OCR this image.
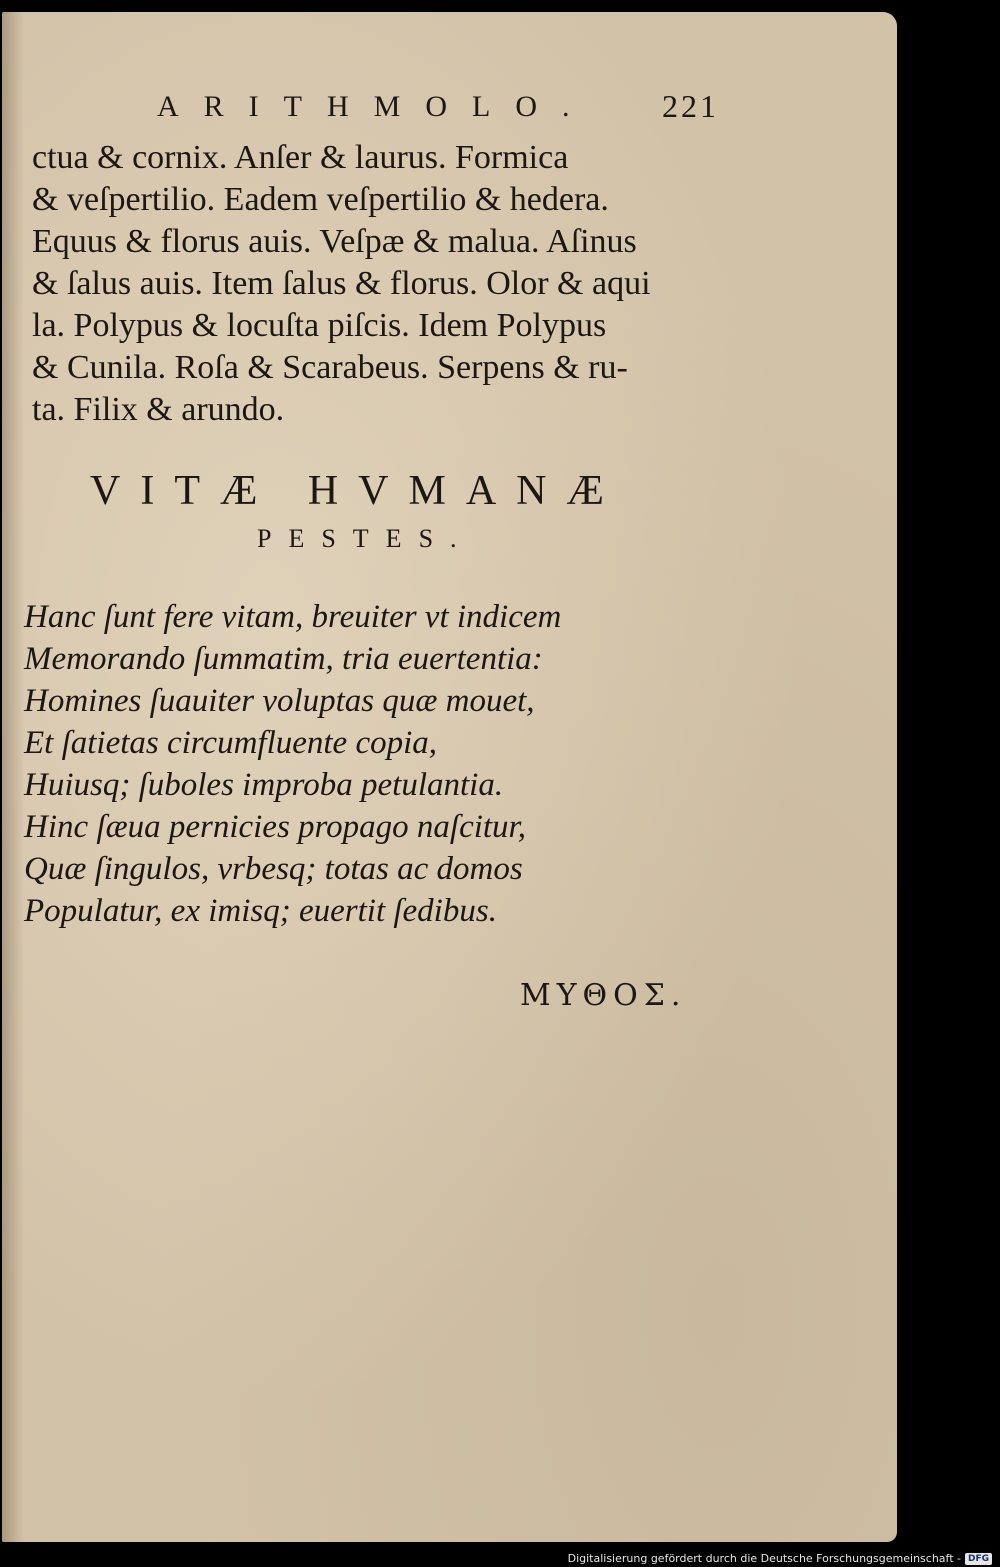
ARITHMOLO. 221
ctua & cornix. Anſer & laurus. Formica
& veſpertilio. Eadem veſpertilio & hedera.
Equus & florus auis. Veſpæ & malua. Aſinus
& ſalus auis. Item ſalus & florus. Olor & aqui
la. Polypus & locuſta piſcis. Idem Polypus
& Cunila. Roſa & Scarabeus. Serpens & ru-
ta. Filix & arundo.
VITÆ HVMANÆ
PESTES.
Hanc ſunt fere vitam, breuiter vt indicem
Memorando ſummatim, tria euertentia:
Homines ſuauiter voluptas quæ mouet,
Et ſatietas circumfluente copia,
Huiusq; ſuboles improba petulantia.
Hinc ſæua pernicies propago naſcitur,
Quæ ſingulos, vrbesq; totas ac domos
Populatur, ex imisq; euertit ſedibus.
ΜΥΘΟΣ.
Digitalisierung gefördert durch die Deutsche Forschungsgemeinschaft - DFG
